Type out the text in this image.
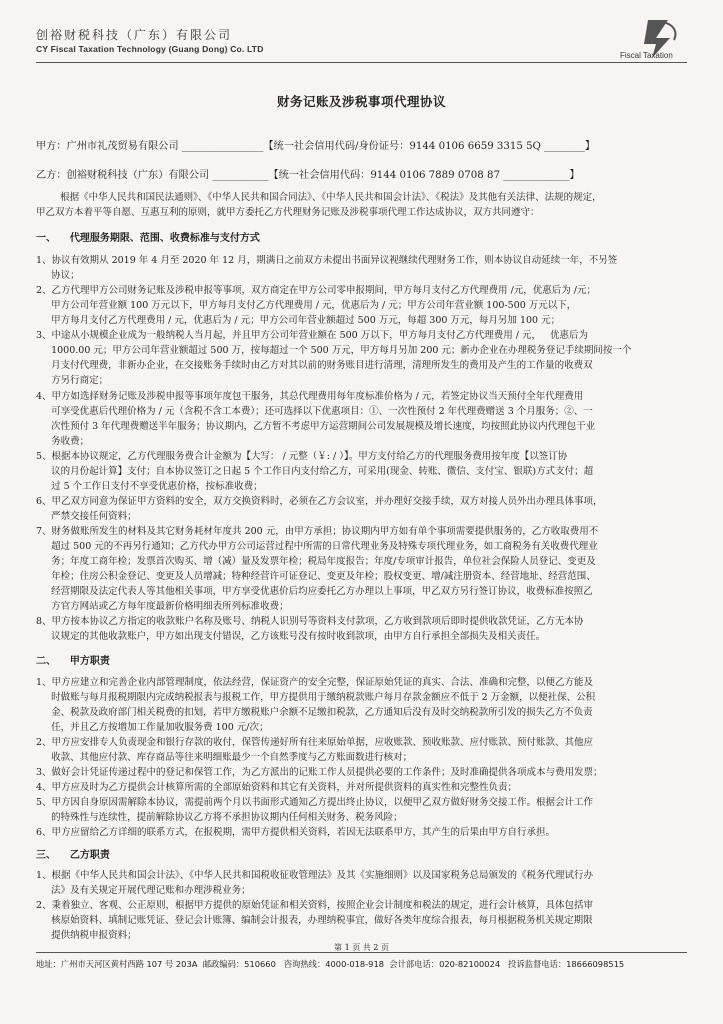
创裕财税科技（广东）有限公司
CY Fiscal Taxation Technology (Guang Dong) Co. LTD
Fiscal Taxation
财务记账及涉税事项代理协议
甲方：广州市礼茂贸易有限公司 ________________【统一社会信用代码/身份证号：9144 0106 6659 3315 5Q ________】
乙方：创裕财税科技（广东）有限公司 ___________【统一社会信用代码：9144 0106 7889 0708 87 _____________】
根据《中华人民共和国民法通则》、《中华人民共和国合同法》、《中华人民共和国会计法》、《税法》及其他有关法律、法规的规定，
甲乙双方本着平等自愿、互惠互利的原则，就甲方委托乙方代理财务记账及涉税事项代理工作达成协议，双方共同遵守：
一、    代理服务期限、范围、收费标准与支付方式
1、协议有效期从 2019 年 4 月至 2020 年 12 月，期满日之前双方未提出书面异议视继续代理财务工作，则本协议自动延续一年，不另签
协议；
2、乙方代理甲方公司财务记账及涉税申报等事项，双方商定在甲方公司零申报期间，甲方每月支付乙方代理费用 /元，优惠后为 /元；
甲方公司年营业额 100 万元以下，甲方每月支付乙方代理费用 / 元，优惠后为 / 元；甲方公司年营业额 100-500 万元以下，
甲方每月支付乙方代理费用 / 元，优惠后为 / 元；甲方公司年营业额超过 500 万元，每超 300 万元，每月另加 100 元；
3、中途从小规模企业成为一般纳税人当月起，并且甲方公司年营业额在 500 万以下，甲方每月支付乙方代理费用 / 元，   优惠后为
1000.00 元；甲方公司年营业额超过 500 万，按每超过一个 500 万元，甲方每月另加 200 元；新办企业在办理税务登记手续期间按一个
月支付代理费，非新办企业，在交接账务手续时由乙方对其以前的财务账目进行清理，清理所发生的费用及产生的工作量的收费双
方另行商定；
4、甲方如选择财务记账及涉税申报等事项年度包干服务，其总代理费用每年度标准价格为 / 元，若签定协议当天预付全年代理费用
可享受优惠后代理价格为 / 元（含税不含工本费）；还可选择以下优惠项目：①、一次性预付 2 年代理费赠送 3 个月服务；②、一
次性预付 3 年代理费赠送半年服务；协议期内，乙方暂不考虑甲方运营期间公司发展规模及增长速度，均按照此协议内代理包干业
务收费；
5、根据本协议规定，乙方代理服务费合计金额为【大写： / 元整（￥: / ）】。甲方支付给乙方的代理服务费用按年度【以签订协
议的月份起计算】支付；自本协议签订之日起 5 个工作日内支付给乙方，可采用(现金、转账、微信、支付宝、银联)方式支付；超
过 5 个工作日支付不享受优惠价格，按标准收费；
6、甲乙双方同意为保证甲方资料的安全，双方交换资料时，必须在乙方会议室，并办理好交接手续，双方对接人员外出办理具体事项，
严禁交接任何资料；
7、财务做账所发生的材料及其它财务耗材年度共 200 元，由甲方承担；协议期内甲方如有单个事项需要提供服务的，乙方收取费用不
超过 500 元的不再另行通知；乙方代办甲方公司运营过程中所需的日常代理业务及特殊专项代理业务，如工商税务有关收费代理业
务；年度工商年检；发票首次购买、增（减）量及发票年检；税局年度报告；年度/专项审计报告，单位社会保险人员登记、变更及
年检；住房公积金登记、变更及人员增减；特种经营许可证登记、变更及年检；股权变更、增/减注册资本、经营地址、经营范围、
经营期限及法定代表人等其他相关事项，甲方享受优惠价后均应委托乙方办理以上事项，甲乙双方另行签订协议，收费标准按照乙
方官方网站或乙方每年度最新价格明细表所列标准收费；
8、甲方按本协议乙方指定的收款账户名称及账号、纳税人识别号等资料支付款项，乙方收到款项后即时提供收款凭证，乙方无本协
议规定的其他收款账户，甲方如出现支付错误，乙方该账号没有按时收到款项，由甲方自行承担全部损失及相关责任。
二、    甲方职责
1、甲方应建立和完善企业内部管理制度，依法经营，保证资产的安全完整，保证原始凭证的真实、合法、准确和完整，以便乙方能及
时做账与每月报税期限内完成纳税报表与报税工作，甲方提供用于缴纳税款账户每月存款金额应不低于 2 万金额，以便社保、公积
金、税款及政府部门相关税费的扣划，若甲方缴税账户余额不足缴扣税款，乙方通知后没有及时交纳税款所引发的损失乙方不负责
任，并且乙方按增加工作量加收服务费 100 元/次；
2、甲方应安排专人负责现金和银行存款的收付，保管传递好所有往来原始单据，应收账款、预收账款、应付账款、预付账款、其他应
收款、其他应付款、库存商品等往来明细账最少一个自然季度与乙方账面数进行核对；
3、做好会计凭证传递过程中的登记和保管工作，为乙方派出的记账工作人员提供必要的工作条件；及时准确提供各项成本与费用发票；
4、甲方应及时为乙方提供会计核算所需的全部原始资料和其它有关资料，并对所提供资料的真实性和完整性负责；
5、甲方因自身原因需解除本协议，需提前两个月以书面形式通知乙方提出终止协议，以便甲乙双方做好财务交接工作。根据会计工作
的特殊性与连续性，提前解除协议乙方将不承担协议期内任何相关财务、税务风险；
6、甲方应留给乙方详细的联系方式，在报税期，需甲方提供相关资料，若因无法联系甲方，其产生的后果由甲方自行承担。
三、    乙方职责
1、根据《中华人民共和国会计法》、《中华人民共和国税收征收管理法》及其《实施细则》以及国家税务总局颁发的《税务代理试行办
法》及有关规定开展代理记账和办理涉税业务；
2、秉着独立、客观、公正原则，根据甲方提供的原始凭证和相关资料，按照企业会计制度和税法的规定，进行会计核算，具体包括审
核原始资料、填制记账凭证、登记会计账簿、编制会计报表，办理纳税事宜，做好各类年度综合报表，每月根据税务机关规定期限
提供纳税申报资料；
第 1 页 共 2 页
地址：广州市天河区黄村西路 107 号 203A  邮政编码：510660   咨询热线：4000-018-918  会计部电话：020-82100024   投诉监督电话：18666098515
